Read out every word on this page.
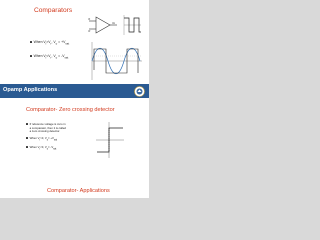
Comparators
When $V_i>V_r$, $V_o = +V_{sat}$
When $V_i<V_r$, $V_o = -V_{sat}$
Vi
Vr
Vo
Opamp Applications
Comparator- Zero crossing detector
If reference voltage is zero in
a comparator, then it is called
a zero crossing detector.
When $V_i>0$, $V_o= +V_{sat}$
When $V_i<0$, $V_o= -V_{sat}$
Comparator- Applications
